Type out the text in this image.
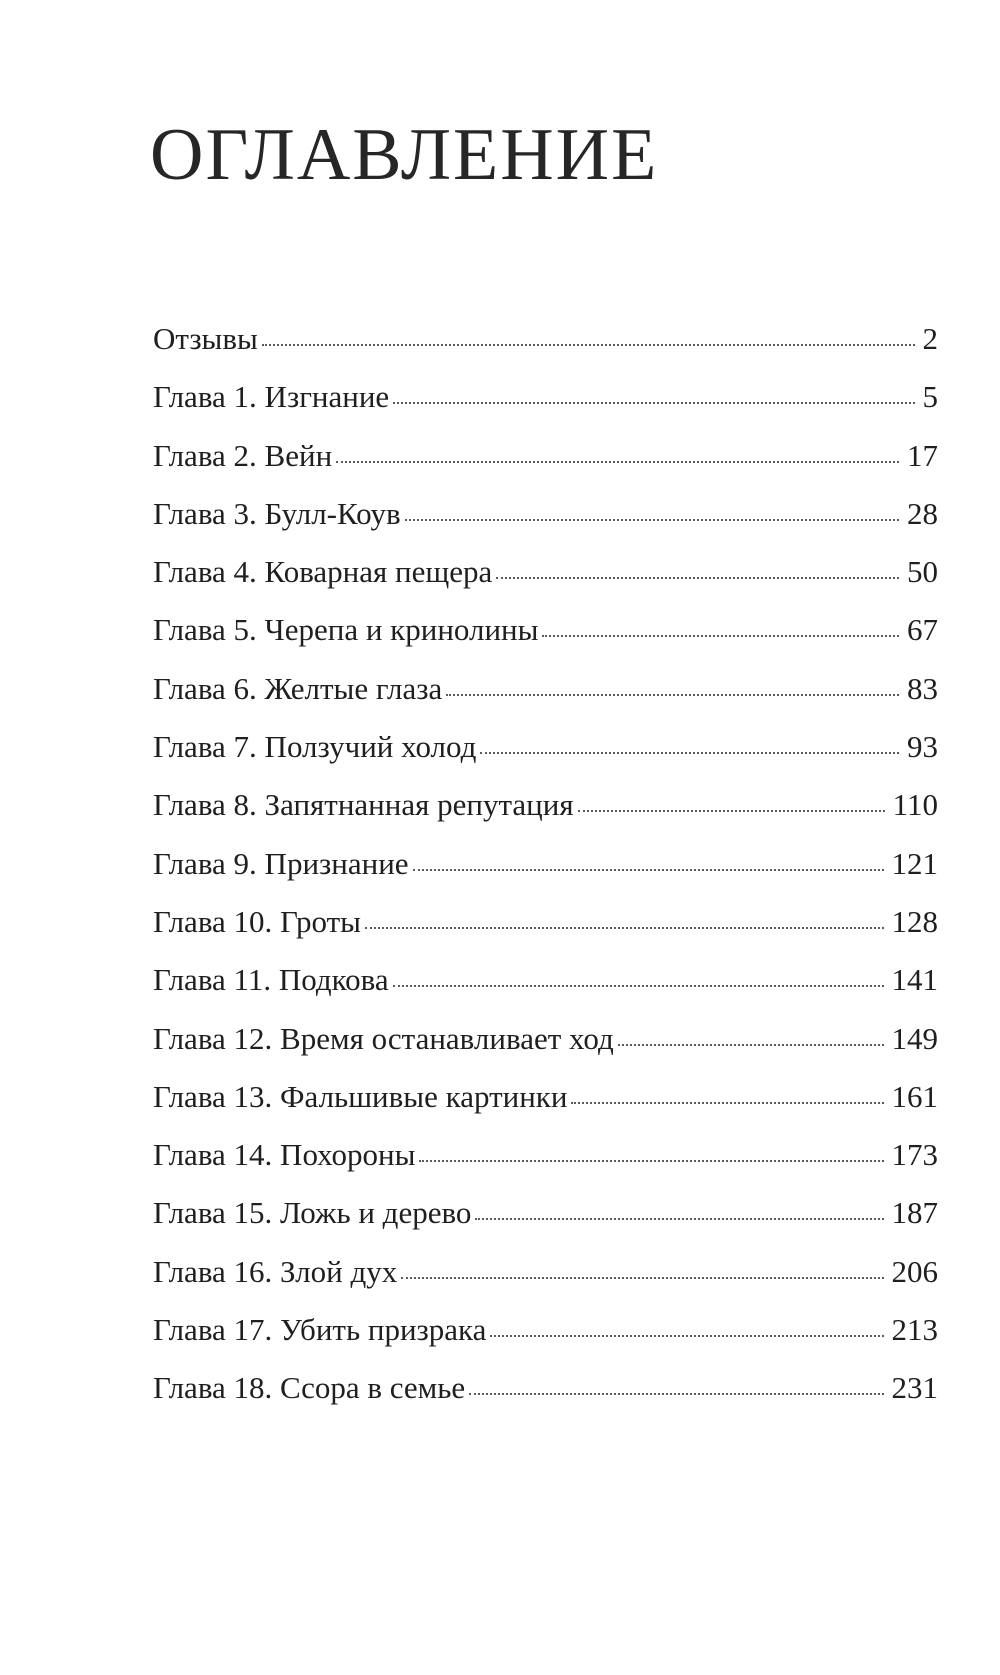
ОГЛАВЛЕНИЕ
Отзывы	2
Глава 1. Изгнание	5
Глава 2. Вейн	17
Глава 3. Булл-Коув	28
Глава 4. Коварная пещера	50
Глава 5. Черепа и кринолины	67
Глава 6. Желтые глаза	83
Глава 7. Ползучий холод	93
Глава 8. Запятнанная репутация	110
Глава 9. Признание	121
Глава 10. Гроты	128
Глава 11. Подкова	141
Глава 12. Время останавливает ход	149
Глава 13. Фальшивые картинки	161
Глава 14. Похороны	173
Глава 15. Ложь и дерево	187
Глава 16. Злой дух	206
Глава 17. Убить призрака	213
Глава 18. Ссора в семье	231
